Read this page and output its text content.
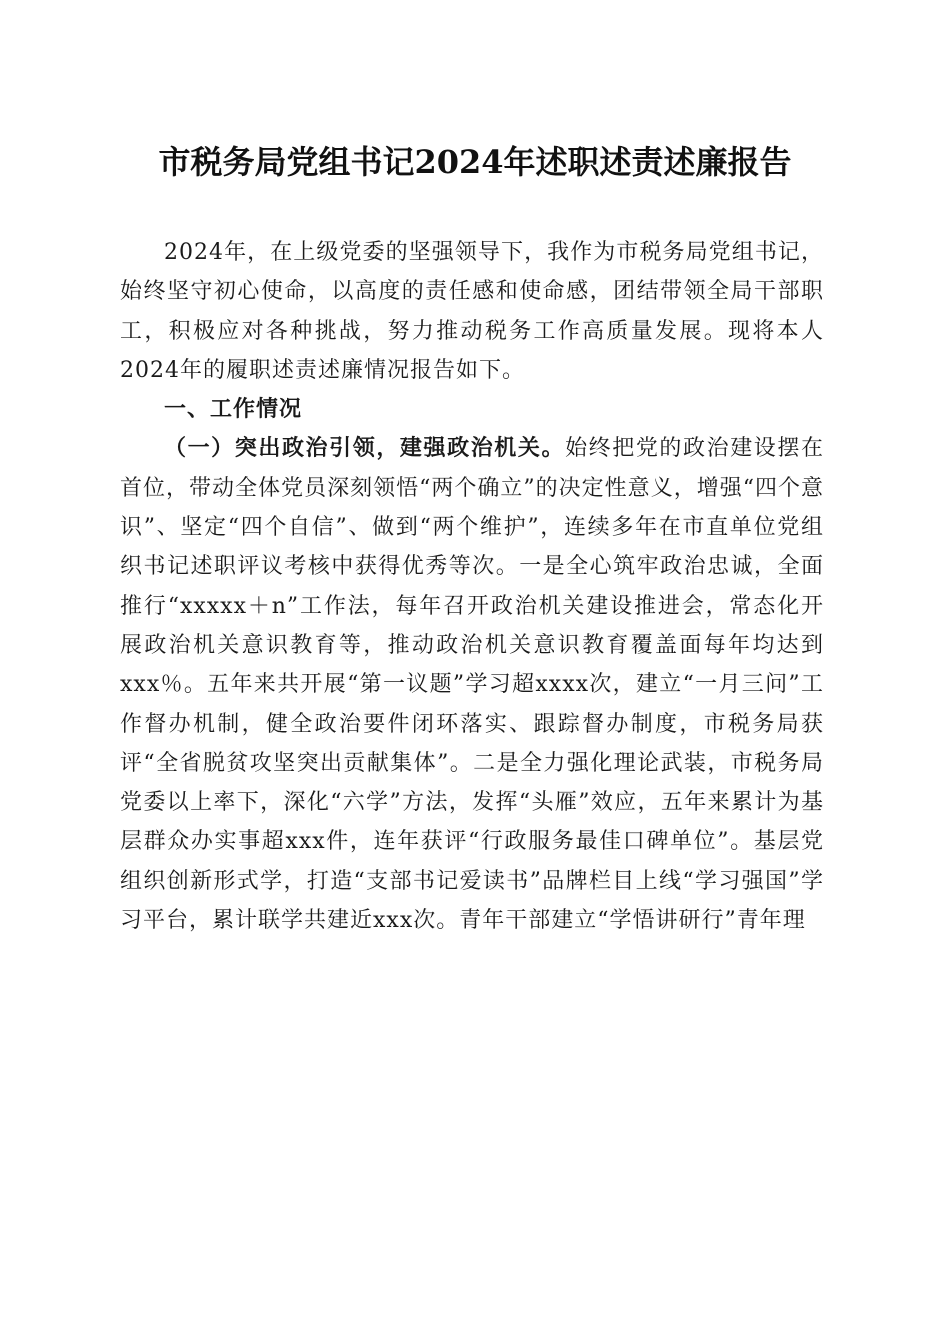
市税务局党组书记2024年述职述责述廉报告

2024年，在上级党委的坚强领导下，我作为市税务局党组书记，始终坚守初心使命，以高度的责任感和使命感，团结带领全局干部职工，积极应对各种挑战，努力推动税务工作高质量发展。现将本人2024年的履职述责述廉情况报告如下。

一、工作情况

（一）突出政治引领，建强政治机关。始终把党的政治建设摆在首位，带动全体党员深刻领悟“两个确立”的决定性意义，增强“四个意识”、坚定“四个自信”、做到“两个维护”，连续多年在市直单位党组织书记述职评议考核中获得优秀等次。一是全心筑牢政治忠诚，全面推行“xxxxx＋n”工作法，每年召开政治机关建设推进会，常态化开展政治机关意识教育等，推动政治机关意识教育覆盖面每年均达到xxx％。五年来共开展“第一议题”学习超xxxx次，建立“一月三问”工作督办机制，健全政治要件闭环落实、跟踪督办制度，市税务局获评“全省脱贫攻坚突出贡献集体”。二是全力强化理论武装，市税务局党委以上率下，深化“六学”方法，发挥“头雁”效应，五年来累计为基层群众办实事超xxx件，连年获评“行政服务最佳口碑单位”。基层党组织创新形式学，打造“支部书记爱读书”品牌栏目上线“学习强国”学习平台，累计联学共建近xxx次。青年干部建立“学悟讲研行”青年理
